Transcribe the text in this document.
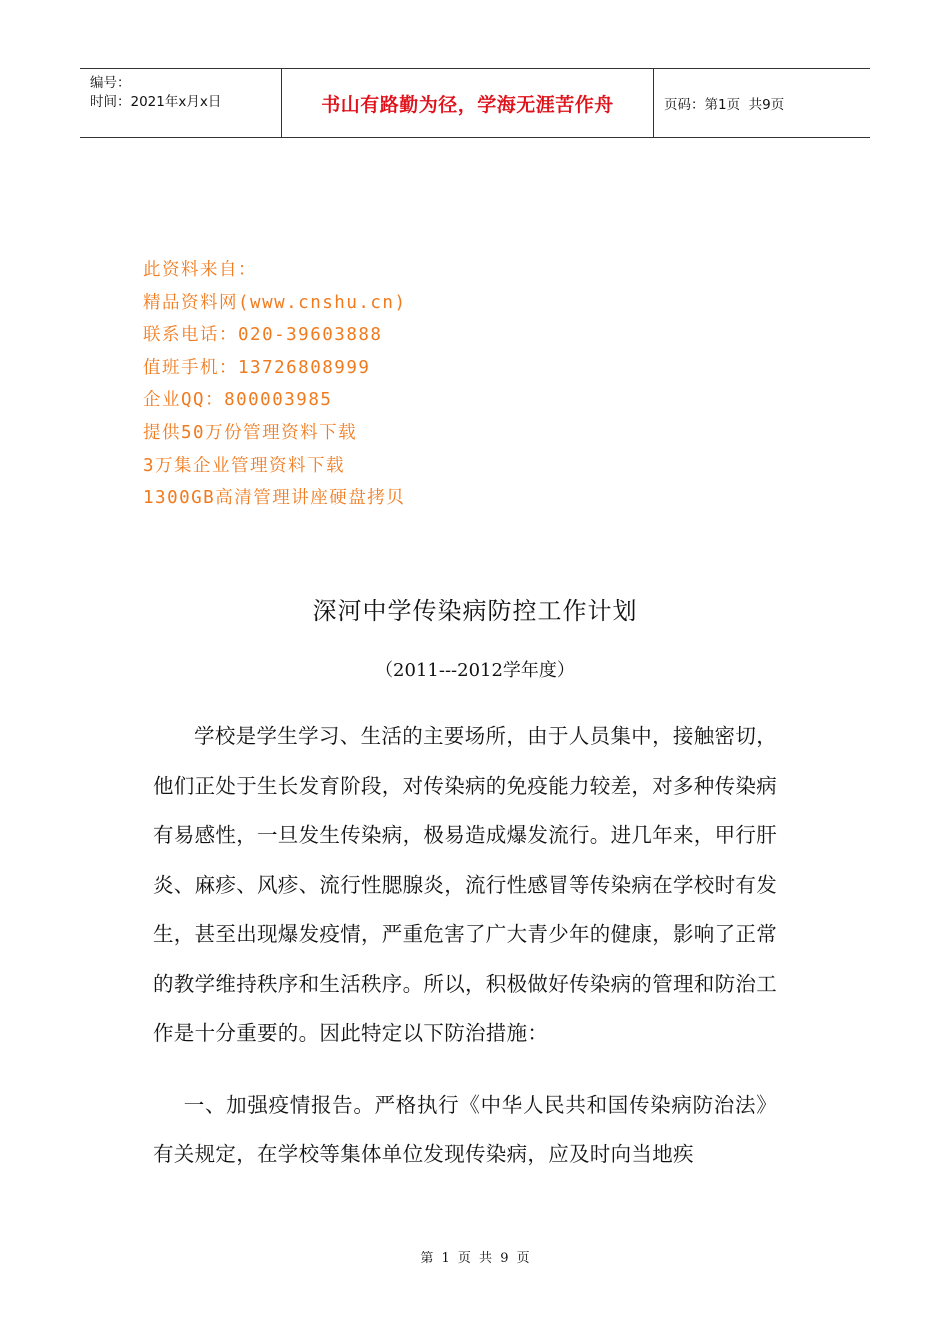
编号：
时间：2021年x月x日	书山有路勤为径，学海无涯苦作舟	页码：第1页  共9页
此资料来自：
精品资料网(www.cnshu.cn)
联系电话：020-39603888
值班手机：13726808999
企业QQ：800003985
提供50万份管理资料下载
3万集企业管理资料下载
1300GB高清管理讲座硬盘拷贝
深河中学传染病防控工作计划
（2011---2012学年度）

学校是学生学习、生活的主要场所，由于人员集中，接触密切，他们正处于生长发育阶段，对传染病的免疫能力较差，对多种传染病有易感性，一旦发生传染病，极易造成爆发流行。进几年来，甲行肝炎、麻疹、风疹、流行性腮腺炎，流行性感冒等传染病在学校时有发生，甚至出现爆发疫情，严重危害了广大青少年的健康，影响了正常的教学维持秩序和生活秩序。所以，积极做好传染病的管理和防治工作是十分重要的。因此特定以下防治措施：

一、加强疫情报告。严格执行《中华人民共和国传染病防治法》有关规定，在学校等集体单位发现传染病，应及时向当地疾

第 1 页 共 9 页
